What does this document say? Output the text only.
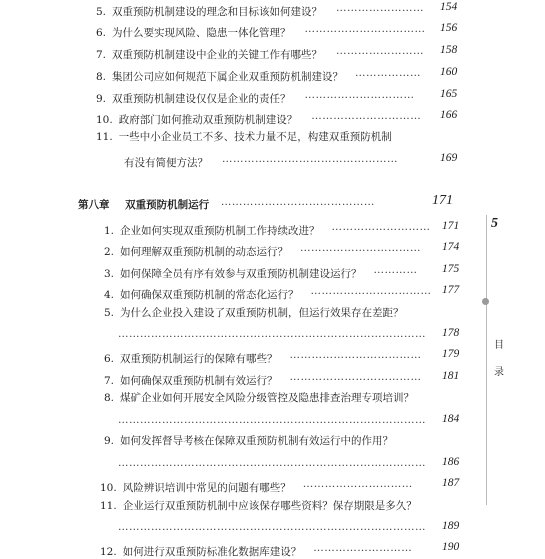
5. 双重预防机制建设的理念和目标该如何建设？ …………………… 154
6. 为什么要实现风险、隐患一体化管理？ …………………………… 156
7. 双重预防机制建设中企业的关键工作有哪些？ …………………… 158
8. 集团公司应如何规范下属企业双重预防机制建设？ ……………… 160
9. 双重预防机制建设仅仅是企业的责任？ ………………………… 165
10. 政府部门如何推动双重预防机制建设？ ………………………… 166
11. 一些中小企业员工不多、技术力量不足，构建双重预防机制
有没有简便方法？ …………………………………………	169
第八章 双重预防机制运行 ……………………………………	171
1. 企业如何实现双重预防机制工作持续改进？ ……………………… 171
2. 如何理解双重预防机制的动态运行？ …………………………… 174
3. 如何保障全员有序有效参与双重预防机制建设运行？ ………… 175
4. 如何确保双重预防机制的常态化运行？ …………………………… 177
5. 为什么企业投入建设了双重预防机制，但运行效果存在差距？
………………………………………………………………………… 178
6. 双重预防机制运行的保障有哪些？ ……………………………… 179
7. 如何确保双重预防机制有效运行？ ……………………………… 181
8. 煤矿企业如何开展安全风险分级管控及隐患排查治理专项培训？
………………………………………………………………………… 184
9. 如何发挥督导考核在保障双重预防机制有效运行中的作用？
………………………………………………………………………… 186
10. 风险辨识培训中常见的问题有哪些？ …………………………	187
11. 企业运行双重预防机制中应该保存哪些资料？保存期限是多久？
………………………………………………………………………… 189
12. 如何进行双重预防标准化数据库建设？ ………………………	190
5
目
录
